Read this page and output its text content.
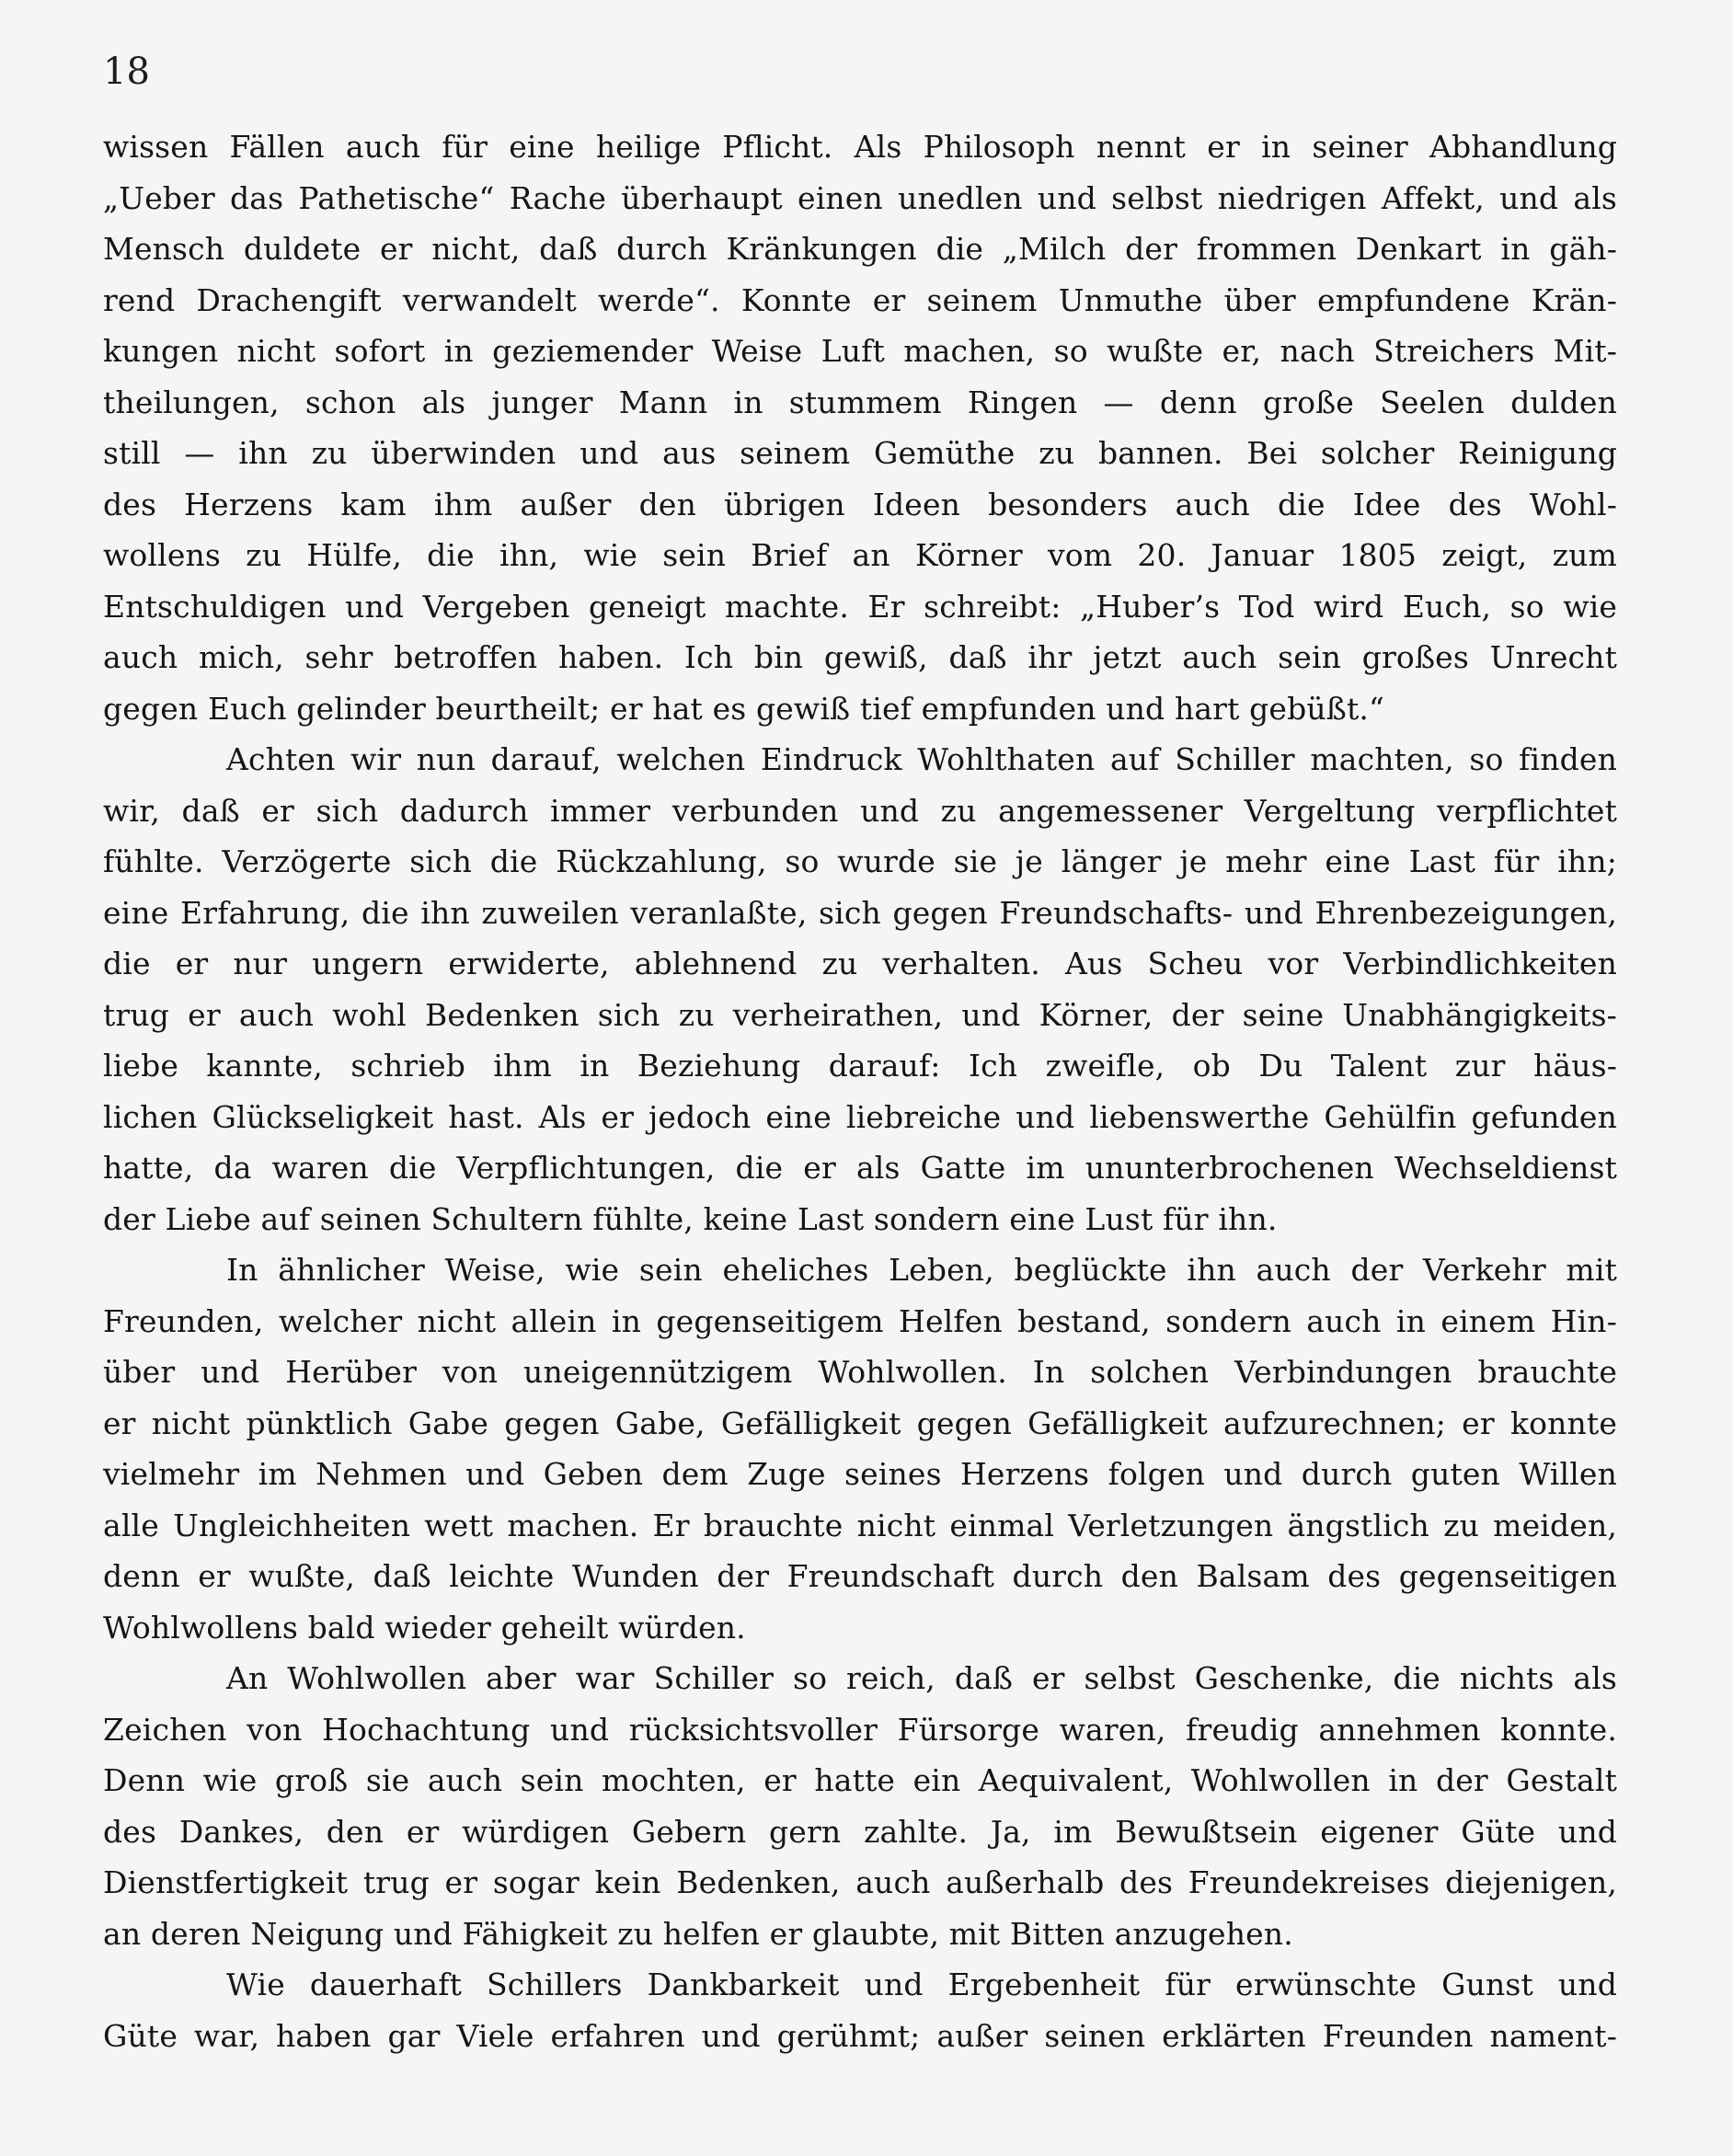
18
wissen Fällen auch für eine heilige Pflicht. Als Philosoph nennt er in seiner Abhandlung
„Ueber das Pathetische“ Rache überhaupt einen unedlen und selbst niedrigen Affekt, und als
Mensch duldete er nicht, daß durch Kränkungen die „Milch der frommen Denkart in gäh-
rend Drachengift verwandelt werde“. Konnte er seinem Unmuthe über empfundene Krän-
kungen nicht sofort in geziemender Weise Luft machen, so wußte er, nach Streichers Mit-
theilungen, schon als junger Mann in stummem Ringen — denn große Seelen dulden
still — ihn zu überwinden und aus seinem Gemüthe zu bannen. Bei solcher Reinigung
des Herzens kam ihm außer den übrigen Ideen besonders auch die Idee des Wohl-
wollens zu Hülfe, die ihn, wie sein Brief an Körner vom 20. Januar 1805 zeigt, zum
Entschuldigen und Vergeben geneigt machte. Er schreibt: „Huber’s Tod wird Euch, so wie
auch mich, sehr betroffen haben. Ich bin gewiß, daß ihr jetzt auch sein großes Unrecht
gegen Euch gelinder beurtheilt; er hat es gewiß tief empfunden und hart gebüßt.“
Achten wir nun darauf, welchen Eindruck Wohlthaten auf Schiller machten, so finden
wir, daß er sich dadurch immer verbunden und zu angemessener Vergeltung verpflichtet
fühlte. Verzögerte sich die Rückzahlung, so wurde sie je länger je mehr eine Last für ihn;
eine Erfahrung, die ihn zuweilen veranlaßte, sich gegen Freundschafts- und Ehrenbezeigungen,
die er nur ungern erwiderte, ablehnend zu verhalten. Aus Scheu vor Verbindlichkeiten
trug er auch wohl Bedenken sich zu verheirathen, und Körner, der seine Unabhängigkeits-
liebe kannte, schrieb ihm in Beziehung darauf: Ich zweifle, ob Du Talent zur häus-
lichen Glückseligkeit hast. Als er jedoch eine liebreiche und liebenswerthe Gehülfin gefunden
hatte, da waren die Verpflichtungen, die er als Gatte im ununterbrochenen Wechseldienst
der Liebe auf seinen Schultern fühlte, keine Last sondern eine Lust für ihn.
In ähnlicher Weise, wie sein eheliches Leben, beglückte ihn auch der Verkehr mit
Freunden, welcher nicht allein in gegenseitigem Helfen bestand, sondern auch in einem Hin-
über und Herüber von uneigennützigem Wohlwollen. In solchen Verbindungen brauchte
er nicht pünktlich Gabe gegen Gabe, Gefälligkeit gegen Gefälligkeit aufzurechnen; er konnte
vielmehr im Nehmen und Geben dem Zuge seines Herzens folgen und durch guten Willen
alle Ungleichheiten wett machen. Er brauchte nicht einmal Verletzungen ängstlich zu meiden,
denn er wußte, daß leichte Wunden der Freundschaft durch den Balsam des gegenseitigen
Wohlwollens bald wieder geheilt würden.
An Wohlwollen aber war Schiller so reich, daß er selbst Geschenke, die nichts als
Zeichen von Hochachtung und rücksichtsvoller Fürsorge waren, freudig annehmen konnte.
Denn wie groß sie auch sein mochten, er hatte ein Aequivalent, Wohlwollen in der Gestalt
des Dankes, den er würdigen Gebern gern zahlte. Ja, im Bewußtsein eigener Güte und
Dienstfertigkeit trug er sogar kein Bedenken, auch außerhalb des Freundekreises diejenigen,
an deren Neigung und Fähigkeit zu helfen er glaubte, mit Bitten anzugehen.
Wie dauerhaft Schillers Dankbarkeit und Ergebenheit für erwünschte Gunst und
Güte war, haben gar Viele erfahren und gerühmt; außer seinen erklärten Freunden nament-
